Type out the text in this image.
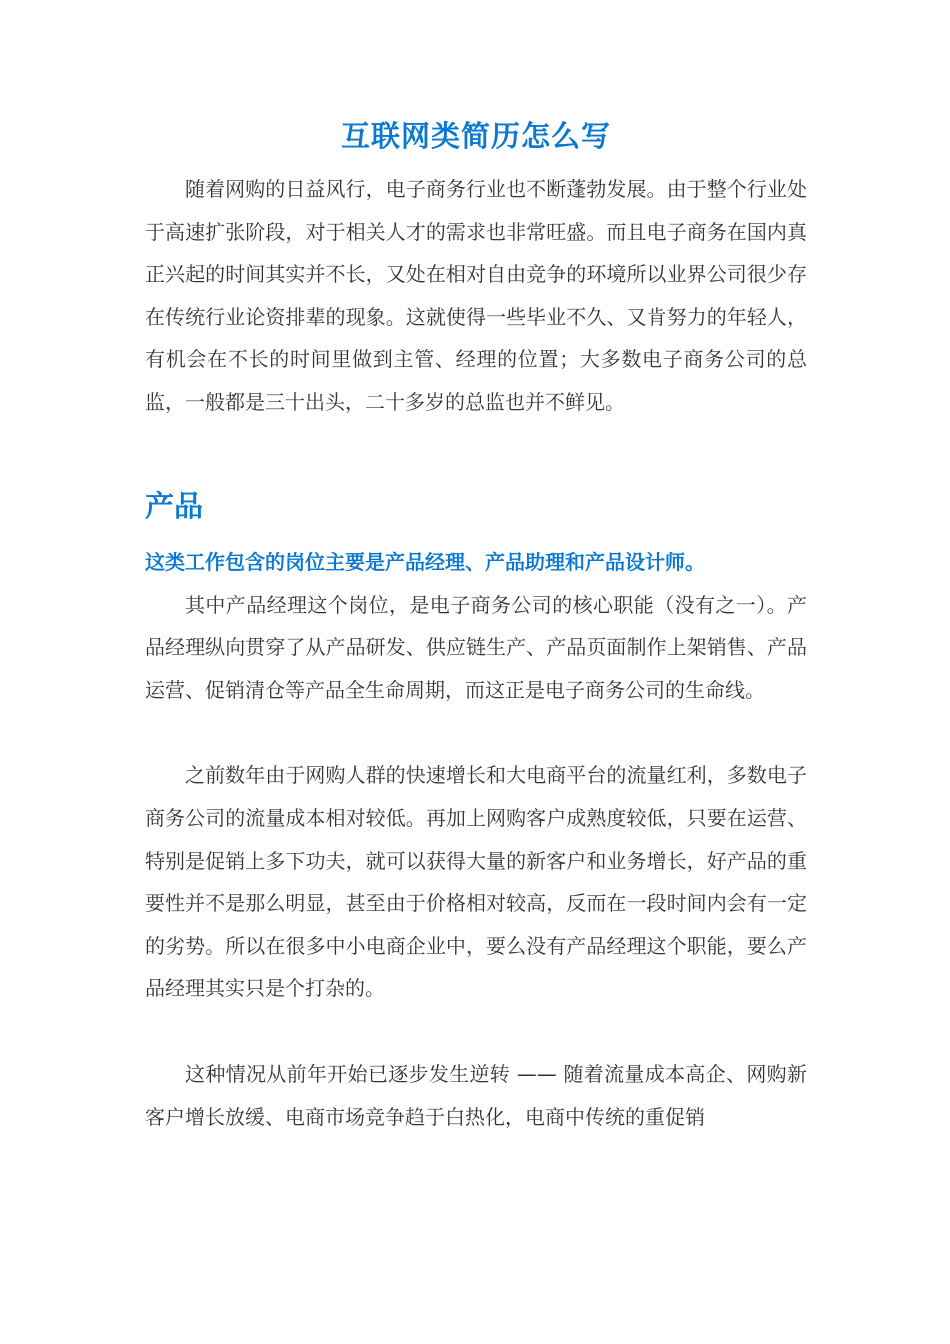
互联网类简历怎么写

随着网购的日益风行，电子商务行业也不断蓬勃发展。由于整个行业处于高速扩张阶段，对于相关人才的需求也非常旺盛。而且电子商务在国内真正兴起的时间其实并不长，又处在相对自由竞争的环境所以业界公司很少存在传统行业论资排辈的现象。这就使得一些毕业不久、又肯努力的年轻人，有机会在不长的时间里做到主管、经理的位置；大多数电子商务公司的总监，一般都是三十出头，二十多岁的总监也并不鲜见。

产品

这类工作包含的岗位主要是产品经理、产品助理和产品设计师。

其中产品经理这个岗位，是电子商务公司的核心职能（没有之一）。产品经理纵向贯穿了从产品研发、供应链生产、产品页面制作上架销售、产品运营、促销清仓等产品全生命周期，而这正是电子商务公司的生命线。

之前数年由于网购人群的快速增长和大电商平台的流量红利，多数电子商务公司的流量成本相对较低。再加上网购客户成熟度较低，只要在运营、特别是促销上多下功夫，就可以获得大量的新客户和业务增长，好产品的重要性并不是那么明显，甚至由于价格相对较高，反而在一段时间内会有一定的劣势。所以在很多中小电商企业中，要么没有产品经理这个职能，要么产品经理其实只是个打杂的。

这种情况从前年开始已逐步发生逆转 —— 随着流量成本高企、网购新客户增长放缓、电商市场竞争趋于白热化，电商中传统的重促销
